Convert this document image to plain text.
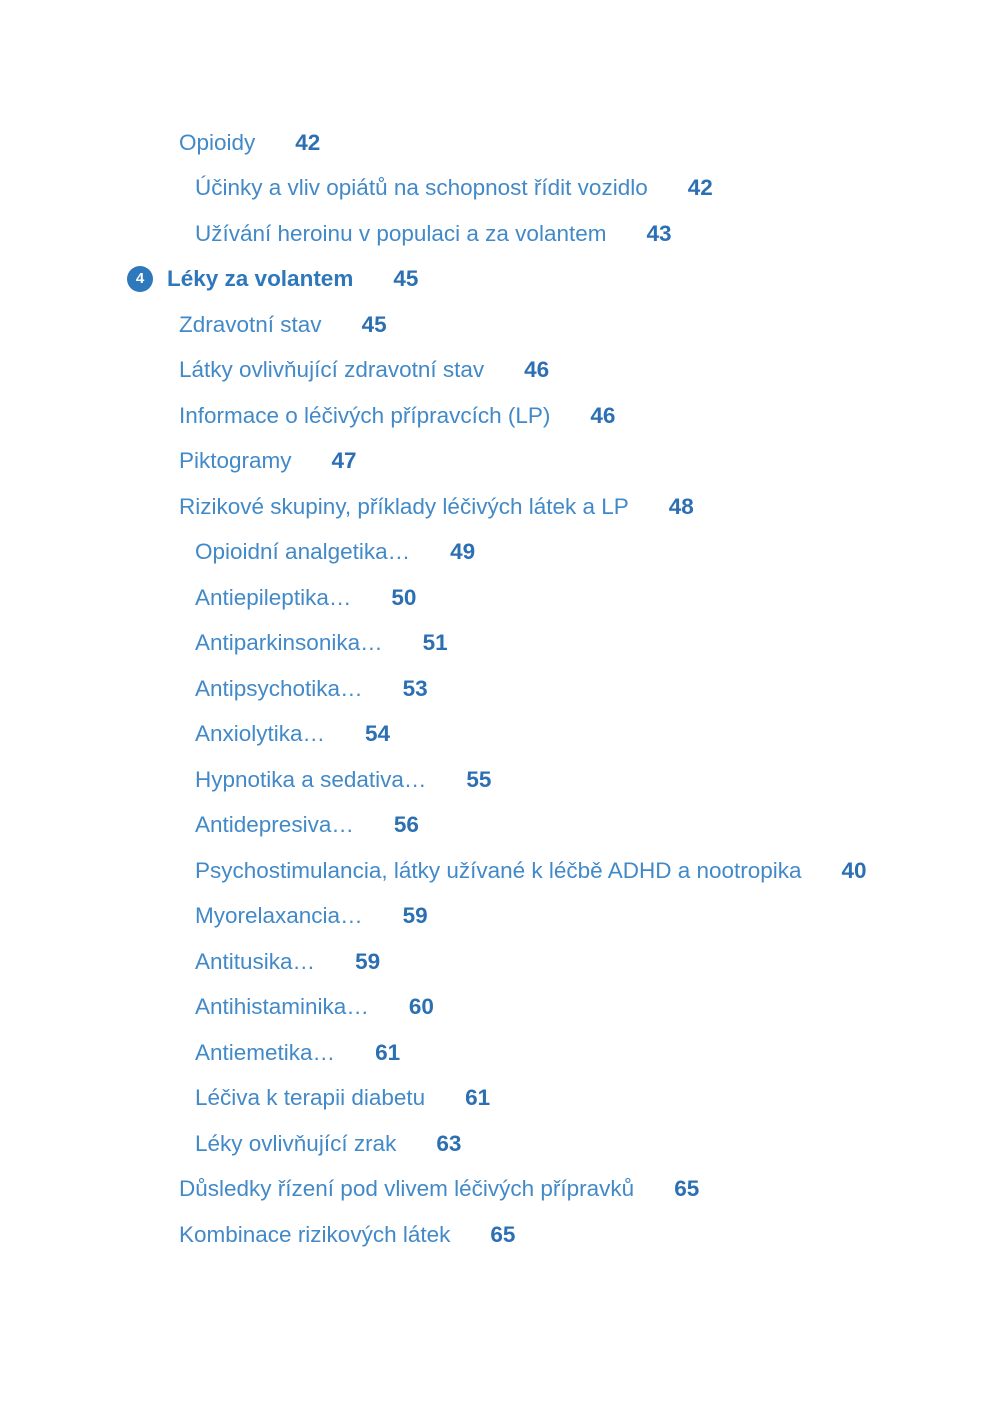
Opioidy 42
Účinky a vliv opiátů na schopnost řídit vozidlo 42
Užívání heroinu v populaci a za volantem 43
4	Léky za volantem 45
Zdravotní stav 45
Látky ovlivňující zdravotní stav 46
Informace o léčivých přípravcích (LP) 46
Piktogramy 47
Rizikové skupiny, příklady léčivých látek a LP 48
Opioidní analgetika… 49
Antiepileptika… 50
Antiparkinsonika… 51
Antipsychotika… 53
Anxiolytika… 54
Hypnotika a sedativa… 55
Antidepresiva… 56
Psychostimulancia, látky užívané k léčbě ADHD a nootropika 40
Myorelaxancia… 59
Antitusika… 59
Antihistaminika… 60
Antiemetika… 61
Léčiva k terapii diabetu 61
Léky ovlivňující zrak 63
Důsledky řízení pod vlivem léčivých přípravků 65
Kombinace rizikových látek 65
